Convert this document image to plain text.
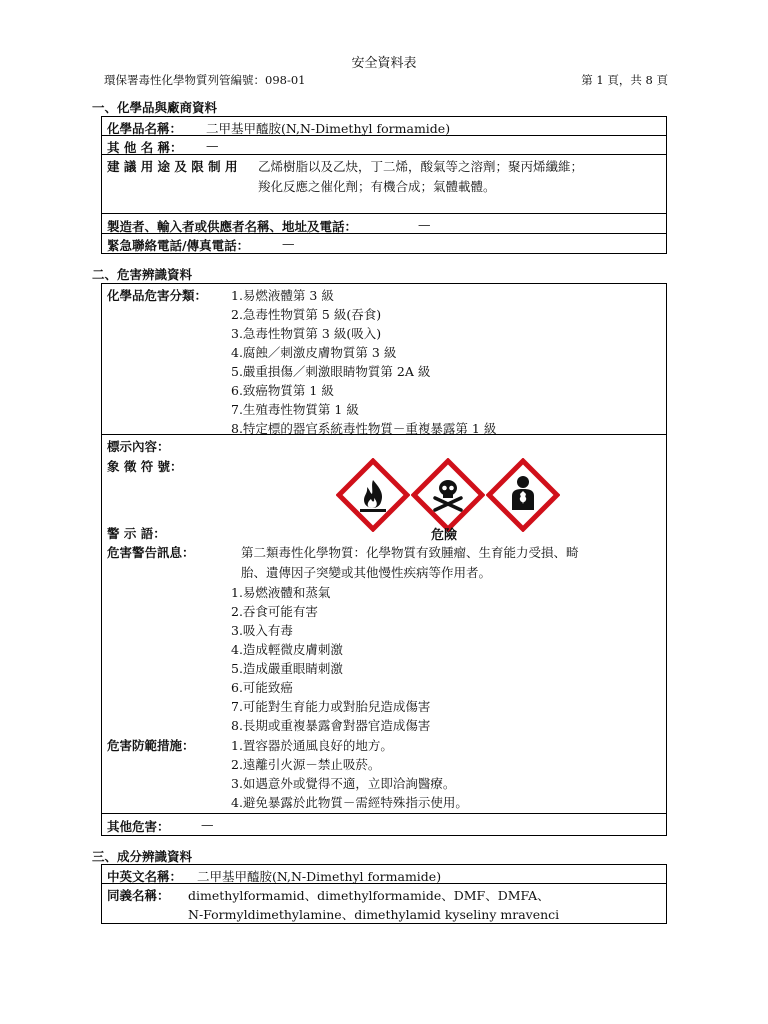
安全資料表
環保署毒性化學物質列管編號：098-01	第 1 頁，共 8 頁
一、化學品與廠商資料
化學品名稱： 二甲基甲醯胺(N,N-Dimethyl formamide)
其 他 名 稱： —
建 議 用 途 及 限 制 用 乙烯樹脂以及乙炔，丁二烯，酸氣等之溶劑；聚丙烯纖維；
羧化反應之催化劑；有機合成；氣體載體。
製造者、輸入者或供應者名稱、地址及電話：	—
緊急聯絡電話/傳真電話：	—
二、危害辨識資料
化學品危害分類： 1.易燃液體第 3 級
2.急毒性物質第 5 級(吞食)
3.急毒性物質第 3 級(吸入)
4.腐蝕／刺激皮膚物質第 3 級
5.嚴重損傷／刺激眼睛物質第 2A 級
6.致癌物質第 1 級
7.生殖毒性物質第 1 級
8.特定標的器官系統毒性物質－重複暴露第 1 級
標示內容：
象 徵 符 號：
警 示 語：	危險
危害警告訊息：	第二類毒性化學物質：化學物質有致腫瘤、生育能力受損、畸
胎、遺傳因子突變或其他慢性疾病等作用者。
1.易燃液體和蒸氣
2.吞食可能有害
3.吸入有毒
4.造成輕微皮膚刺激
5.造成嚴重眼睛刺激
6.可能致癌
7.可能對生育能力或對胎兒造成傷害
8.長期或重複暴露會對器官造成傷害
危害防範措施：	1.置容器於通風良好的地方。
2.遠離引火源－禁止吸菸。
3.如遇意外或覺得不適，立即洽詢醫療。
4.避免暴露於此物質－需經特殊指示使用。
其他危害：	—
三、成分辨識資料
中英文名稱： 二甲基甲醯胺(N,N-Dimethyl formamide)
同義名稱： dimethylformamid、dimethylformamide、DMF、DMFA、
N-Formyldimethylamine、dimethylamid kyseliny mravenci
